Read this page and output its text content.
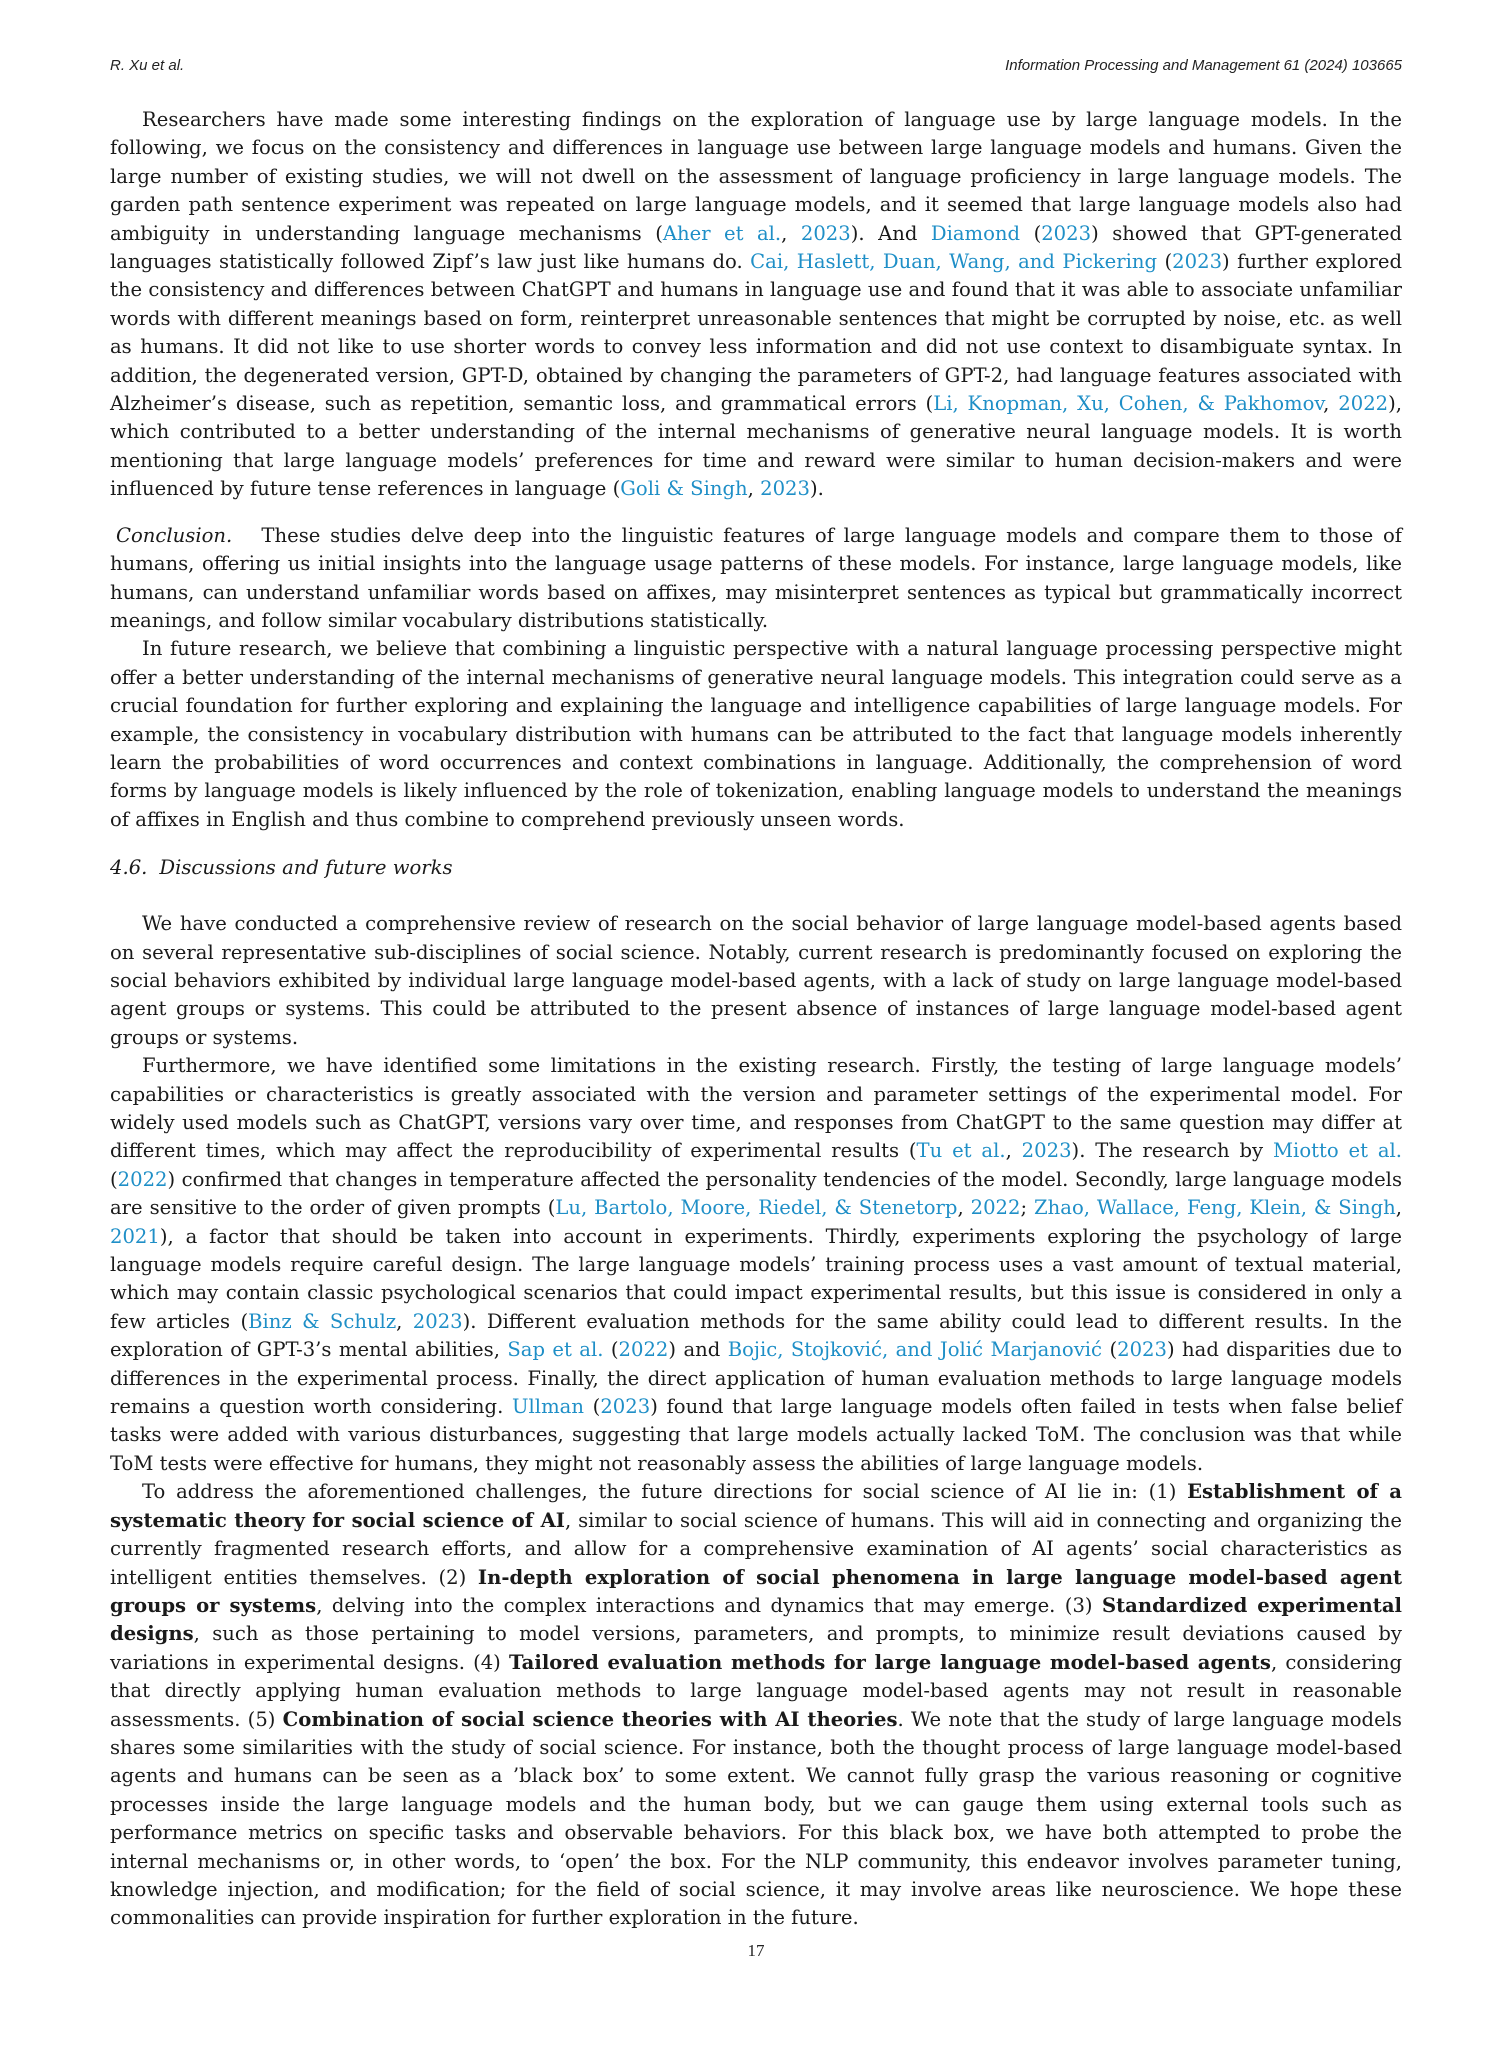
R. Xu et al.	Information Processing and Management 61 (2024) 103665

Researchers have made some interesting findings on the exploration of language use by large language models. In the following, we focus on the consistency and differences in language use between large language models and humans. Given the large number of existing studies, we will not dwell on the assessment of language proficiency in large language models. The garden path sentence experiment was repeated on large language models, and it seemed that large language models also had ambiguity in understanding language mechanisms (Aher et al., 2023). And Diamond (2023) showed that GPT-generated languages statistically followed Zipf’s law just like humans do. Cai, Haslett, Duan, Wang, and Pickering (2023) further explored the consistency and differences between ChatGPT and humans in language use and found that it was able to associate unfamiliar words with different meanings based on form, reinterpret unreasonable sentences that might be corrupted by noise, etc. as well as humans. It did not like to use shorter words to convey less information and did not use context to disambiguate syntax. In addition, the degenerated version, GPT-D, obtained by changing the parameters of GPT-2, had language features associated with Alzheimer’s disease, such as repetition, semantic loss, and grammatical errors (Li, Knopman, Xu, Cohen, & Pakhomov, 2022), which contributed to a better understanding of the internal mechanisms of generative neural language models. It is worth mentioning that large language models’ preferences for time and reward were similar to human decision-makers and were influenced by future tense references in language (Goli & Singh, 2023).

Conclusion. These studies delve deep into the linguistic features of large language models and compare them to those of humans, offering us initial insights into the language usage patterns of these models. For instance, large language models, like humans, can understand unfamiliar words based on affixes, may misinterpret sentences as typical but grammatically incorrect meanings, and follow similar vocabulary distributions statistically.

In future research, we believe that combining a linguistic perspective with a natural language processing perspective might offer a better understanding of the internal mechanisms of generative neural language models. This integration could serve as a crucial foundation for further exploring and explaining the language and intelligence capabilities of large language models. For example, the consistency in vocabulary distribution with humans can be attributed to the fact that language models inherently learn the probabilities of word occurrences and context combinations in language. Additionally, the comprehension of word forms by language models is likely influenced by the role of tokenization, enabling language models to understand the meanings of affixes in English and thus combine to comprehend previously unseen words.

4.6. Discussions and future works

We have conducted a comprehensive review of research on the social behavior of large language model-based agents based on several representative sub-disciplines of social science. Notably, current research is predominantly focused on exploring the social behaviors exhibited by individual large language model-based agents, with a lack of study on large language model-based agent groups or systems. This could be attributed to the present absence of instances of large language model-based agent groups or systems.

Furthermore, we have identified some limitations in the existing research. Firstly, the testing of large language models’ capabilities or characteristics is greatly associated with the version and parameter settings of the experimental model. For widely used models such as ChatGPT, versions vary over time, and responses from ChatGPT to the same question may differ at different times, which may affect the reproducibility of experimental results (Tu et al., 2023). The research by Miotto et al. (2022) confirmed that changes in temperature affected the personality tendencies of the model. Secondly, large language models are sensitive to the order of given prompts (Lu, Bartolo, Moore, Riedel, & Stenetorp, 2022; Zhao, Wallace, Feng, Klein, & Singh, 2021), a factor that should be taken into account in experiments. Thirdly, experiments exploring the psychology of large language models require careful design. The large language models’ training process uses a vast amount of textual material, which may contain classic psychological scenarios that could impact experimental results, but this issue is considered in only a few articles (Binz & Schulz, 2023). Different evaluation methods for the same ability could lead to different results. In the exploration of GPT-3’s mental abilities, Sap et al. (2022) and Bojic, Stojković, and Jolić Marjanović (2023) had disparities due to differences in the experimental process. Finally, the direct application of human evaluation methods to large language models remains a question worth considering. Ullman (2023) found that large language models often failed in tests when false belief tasks were added with various disturbances, suggesting that large models actually lacked ToM. The conclusion was that while ToM tests were effective for humans, they might not reasonably assess the abilities of large language models.

To address the aforementioned challenges, the future directions for social science of AI lie in: (1) Establishment of a systematic theory for social science of AI, similar to social science of humans. This will aid in connecting and organizing the currently fragmented research efforts, and allow for a comprehensive examination of AI agents’ social characteristics as intelligent entities themselves. (2) In-depth exploration of social phenomena in large language model-based agent groups or systems, delving into the complex interactions and dynamics that may emerge. (3) Standardized experimental designs, such as those pertaining to model versions, parameters, and prompts, to minimize result deviations caused by variations in experimental designs. (4) Tailored evaluation methods for large language model-based agents, considering that directly applying human evaluation methods to large language model-based agents may not result in reasonable assessments. (5) Combination of social science theories with AI theories. We note that the study of large language models shares some similarities with the study of social science. For instance, both the thought process of large language model-based agents and humans can be seen as a ’black box’ to some extent. We cannot fully grasp the various reasoning or cognitive processes inside the large language models and the human body, but we can gauge them using external tools such as performance metrics on specific tasks and observable behaviors. For this black box, we have both attempted to probe the internal mechanisms or, in other words, to ‘open’ the box. For the NLP community, this endeavor involves parameter tuning, knowledge injection, and modification; for the field of social science, it may involve areas like neuroscience. We hope these commonalities can provide inspiration for further exploration in the future.

17
